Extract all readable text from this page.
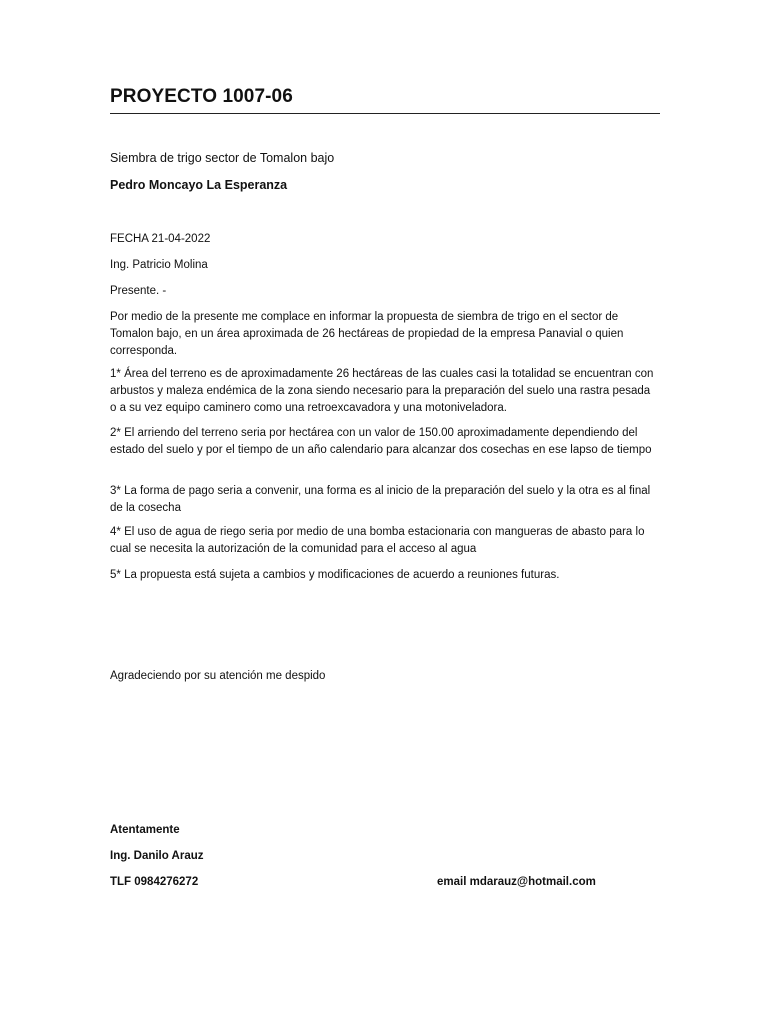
PROYECTO 1007-06
Siembra de trigo sector de Tomalon bajo
Pedro Moncayo La Esperanza
FECHA 21-04-2022
Ing. Patricio Molina
Presente. -
Por medio de la presente me complace en informar la propuesta de siembra de trigo en el sector de Tomalon bajo, en un área aproximada de 26 hectáreas de propiedad de la empresa Panavial o quien corresponda.
1* Área del terreno es de aproximadamente 26 hectáreas de las cuales casi la totalidad se encuentran con arbustos y maleza endémica de la zona siendo necesario para la preparación del suelo una rastra pesada o a su vez equipo caminero como una retroexcavadora y una motoniveladora.
2* El arriendo del terreno seria por hectárea con un valor de 150.00 aproximadamente dependiendo del estado del suelo y por el tiempo de un año calendario para alcanzar dos cosechas en ese lapso de tiempo
3* La forma de pago seria a convenir, una forma es al inicio de la preparación del suelo y la otra es al final de la cosecha
4* El uso de agua de riego seria por medio de una bomba estacionaria con mangueras de abasto para lo cual se necesita la autorización de la comunidad para el acceso al agua
5* La propuesta está sujeta a cambios y modificaciones de acuerdo a reuniones futuras.
Agradeciendo por su atención me despido
Atentamente
Ing. Danilo Arauz
TLF 0984276272	email mdarauz@hotmail.com
